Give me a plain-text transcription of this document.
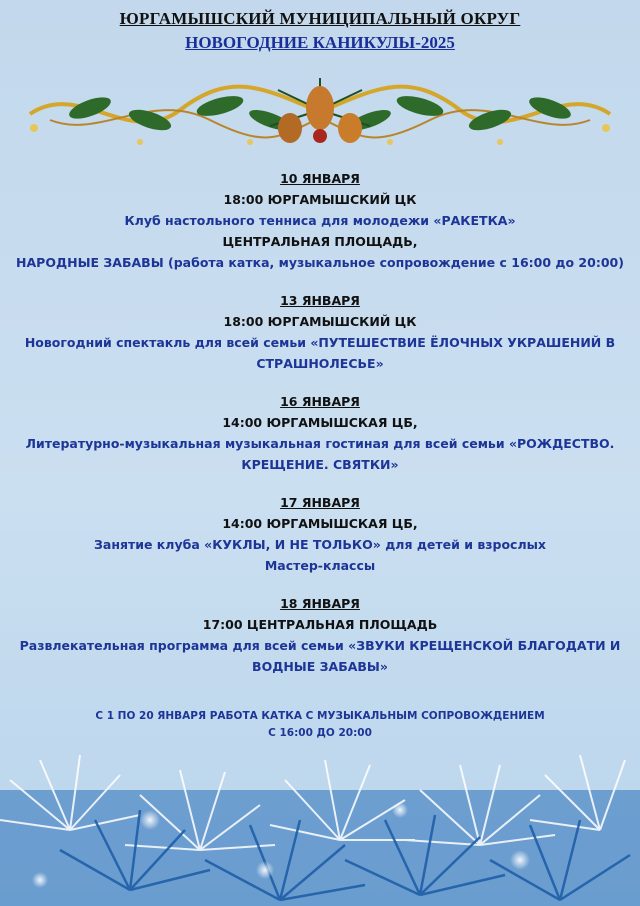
ЮРГАМЫШСКИЙ МУНИЦИПАЛЬНЫЙ ОКРУГ
НОВОГОДНИЕ КАНИКУЛЫ-2025
10 ЯНВАРЯ
18:00 ЮРГАМЫШСКИЙ ЦК
Клуб настольного тенниса для молодежи «РАКЕТКА»
ЦЕНТРАЛЬНАЯ ПЛОЩАДЬ,
НАРОДНЫЕ ЗАБАВЫ (работа катка, музыкальное сопровождение с 16:00 до 20:00)
13 ЯНВАРЯ
18:00 ЮРГАМЫШСКИЙ ЦК
Новогодний спектакль для всей семьи «ПУТЕШЕСТВИЕ ЁЛОЧНЫХ УКРАШЕНИЙ В
СТРАШНОЛЕСЬЕ»
16 ЯНВАРЯ
14:00 ЮРГАМЫШСКАЯ ЦБ,
Литературно-музыкальная музыкальная гостиная для всей семьи «РОЖДЕСТВО.
КРЕЩЕНИЕ. СВЯТКИ»
17 ЯНВАРЯ
14:00 ЮРГАМЫШСКАЯ ЦБ,
Занятие клуба «КУКЛЫ, И НЕ ТОЛЬКО» для детей и взрослых
Мастер-классы
18 ЯНВАРЯ
17:00 ЦЕНТРАЛЬНАЯ ПЛОЩАДЬ
Развлекательная программа для всей семьи «ЗВУКИ КРЕЩЕНСКОЙ БЛАГОДАТИ И
ВОДНЫЕ ЗАБАВЫ»
С 1 ПО 20 ЯНВАРЯ РАБОТА КАТКА С МУЗЫКАЛЬНЫМ СОПРОВОЖДЕНИЕМ
С 16:00 ДО 20:00
